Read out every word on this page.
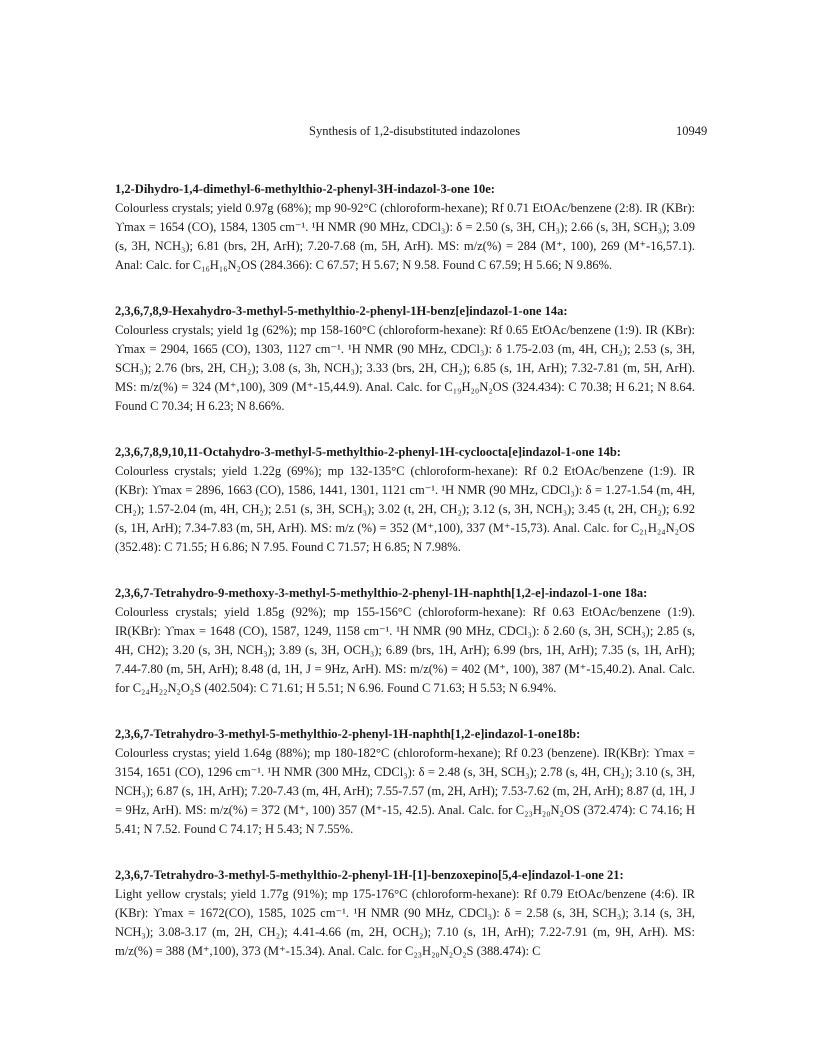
Synthesis of 1,2-disubstituted indazolones	10949
1,2-Dihydro-1,4-dimethyl-6-methylthio-2-phenyl-3H-indazol-3-one 10e:
Colourless crystals; yield 0.97g (68%); mp 90-92°C (chloroform-hexane); Rf 0.71 EtOAc/benzene (2:8). IR (KBr): ϒmax = 1654 (CO), 1584, 1305 cm⁻¹. ¹H NMR (90 MHz, CDCl₃): δ = 2.50 (s, 3H, CH₃); 2.66 (s, 3H, SCH₃); 3.09 (s, 3H, NCH₃); 6.81 (brs, 2H, ArH); 7.20-7.68 (m, 5H, ArH). MS: m/z(%) = 284 (M⁺, 100), 269 (M⁺-16,57.1). Anal: Calc. for C₁₆H₁₆N₂OS (284.366): C 67.57; H 5.67; N 9.58. Found C 67.59; H 5.66; N 9.86%.
2,3,6,7,8,9-Hexahydro-3-methyl-5-methylthio-2-phenyl-1H-benz[e]indazol-1-one 14a:
Colourless crystals; yield 1g (62%); mp 158-160°C (chloroform-hexane): Rf 0.65 EtOAc/benzene (1:9). IR (KBr): ϒmax = 2904, 1665 (CO), 1303, 1127 cm⁻¹. ¹H NMR (90 MHz, CDCl₃): δ 1.75-2.03 (m, 4H, CH₂); 2.53 (s, 3H, SCH₃); 2.76 (brs, 2H, CH₂); 3.08 (s, 3h, NCH₃); 3.33 (brs, 2H, CH₂); 6.85 (s, 1H, ArH); 7.32-7.81 (m, 5H, ArH). MS: m/z(%) = 324 (M⁺,100), 309 (M⁺-15,44.9). Anal. Calc. for C₁₉H₂₀N₂OS (324.434): C 70.38; H 6.21; N 8.64. Found C 70.34; H 6.23; N 8.66%.
2,3,6,7,8,9,10,11-Octahydro-3-methyl-5-methylthio-2-phenyl-1H-cycloocta[e]indazol-1-one 14b:
Colourless crystals; yield 1.22g (69%); mp 132-135°C (chloroform-hexane): Rf 0.2 EtOAc/benzene (1:9). IR (KBr): ϒmax = 2896, 1663 (CO), 1586, 1441, 1301, 1121 cm⁻¹. ¹H NMR (90 MHz, CDCl₃): δ = 1.27-1.54 (m, 4H, CH₂); 1.57-2.04 (m, 4H, CH₂); 2.51 (s, 3H, SCH₃); 3.02 (t, 2H, CH₂); 3.12 (s, 3H, NCH₃); 3.45 (t, 2H, CH₂); 6.92 (s, 1H, ArH); 7.34-7.83 (m, 5H, ArH). MS: m/z (%) = 352 (M⁺,100), 337 (M⁺-15,73). Anal. Calc. for C₂₁H₂₄N₂OS (352.48): C 71.55; H 6.86; N 7.95. Found C 71.57; H 6.85; N 7.98%.
2,3,6,7-Tetrahydro-9-methoxy-3-methyl-5-methylthio-2-phenyl-1H-naphth[1,2-e]-indazol-1-one 18a:
Colourless crystals; yield 1.85g (92%); mp 155-156°C (chloroform-hexane): Rf 0.63 EtOAc/benzene (1:9). IR(KBr): ϒmax = 1648 (CO), 1587, 1249, 1158 cm⁻¹. ¹H NMR (90 MHz, CDCl₃): δ 2.60 (s, 3H, SCH₃); 2.85 (s, 4H, CH2); 3.20 (s, 3H, NCH₃); 3.89 (s, 3H, OCH₃); 6.89 (brs, 1H, ArH); 6.99 (brs, 1H, ArH); 7.35 (s, 1H, ArH); 7.44-7.80 (m, 5H, ArH); 8.48 (d, 1H, J = 9Hz, ArH). MS: m/z(%) = 402 (M⁺, 100), 387 (M⁺-15,40.2). Anal. Calc. for C₂₄H₂₂N₂O₂S (402.504): C 71.61; H 5.51; N 6.96. Found C 71.63; H 5.53; N 6.94%.
2,3,6,7-Tetrahydro-3-methyl-5-methylthio-2-phenyl-1H-naphth[1,2-e]indazol-1-one18b:
Colourless crystas; yield 1.64g (88%); mp 180-182°C (chloroform-hexane); Rf 0.23 (benzene). IR(KBr): ϒmax = 3154, 1651 (CO), 1296 cm⁻¹. ¹H NMR (300 MHz, CDCl₃): δ = 2.48 (s, 3H, SCH₃); 2.78 (s, 4H, CH₂); 3.10 (s, 3H, NCH₃); 6.87 (s, 1H, ArH); 7.20-7.43 (m, 4H, ArH); 7.55-7.57 (m, 2H, ArH); 7.53-7.62 (m, 2H, ArH); 8.87 (d, 1H, J = 9Hz, ArH). MS: m/z(%) = 372 (M⁺, 100) 357 (M⁺-15, 42.5). Anal. Calc. for C₂₃H₂₀N₂OS (372.474): C 74.16; H 5.41; N 7.52. Found C 74.17; H 5.43; N 7.55%.
2,3,6,7-Tetrahydro-3-methyl-5-methylthio-2-phenyl-1H-[1]-benzoxepino[5,4-e]indazol-1-one 21:
Light yellow crystals; yield 1.77g (91%); mp 175-176°C (chloroform-hexane): Rf 0.79 EtOAc/benzene (4:6). IR (KBr): ϒmax = 1672(CO), 1585, 1025 cm⁻¹. ¹H NMR (90 MHz, CDCl₃): δ = 2.58 (s, 3H, SCH₃); 3.14 (s, 3H, NCH₃); 3.08-3.17 (m, 2H, CH₂); 4.41-4.66 (m, 2H, OCH₂); 7.10 (s, 1H, ArH); 7.22-7.91 (m, 9H, ArH). MS: m/z(%) = 388 (M⁺,100), 373 (M⁺-15.34). Anal. Calc. for C₂₃H₂₀N₂O₂S (388.474): C
